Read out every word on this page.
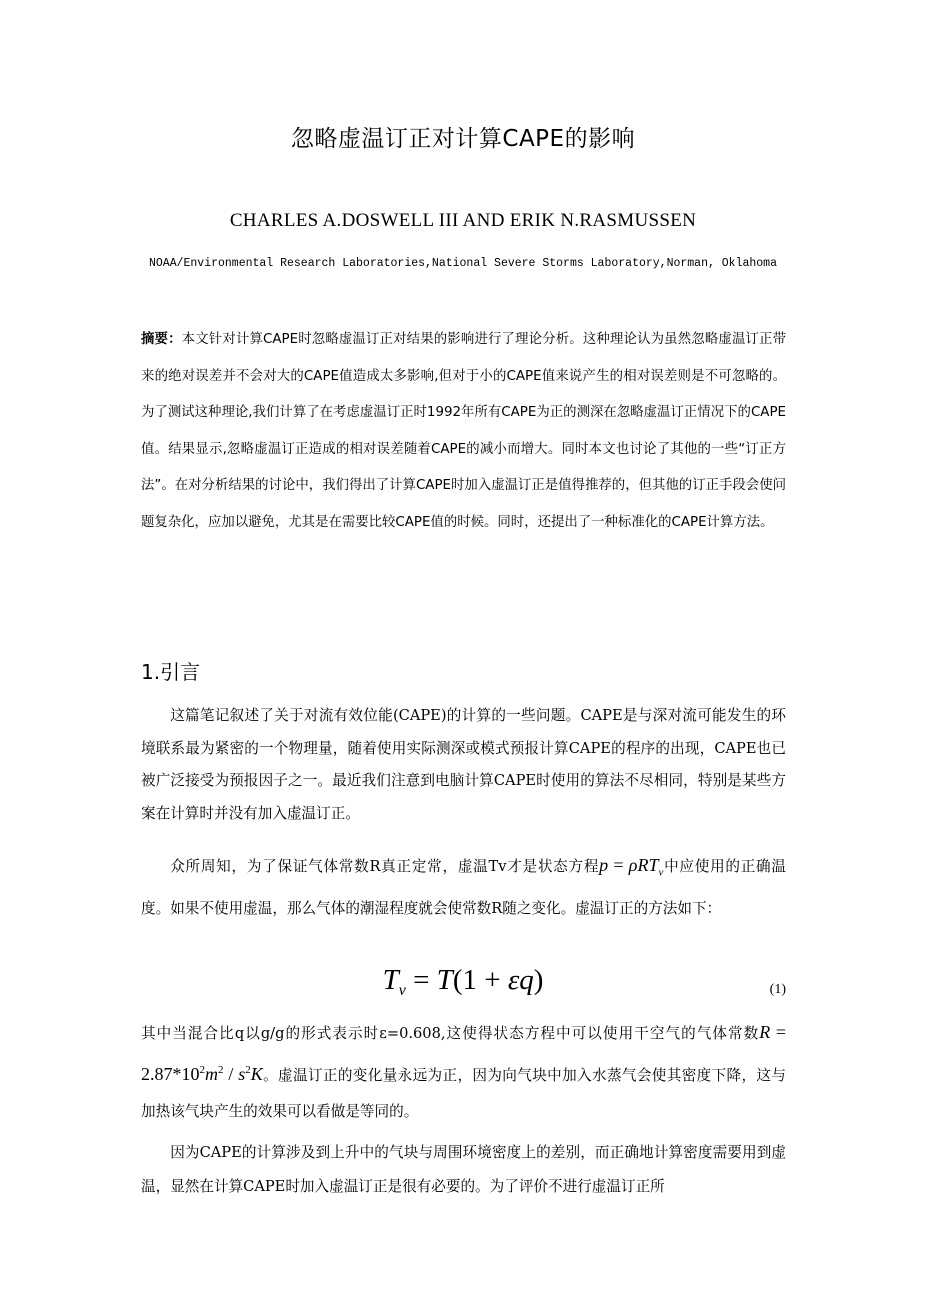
忽略虚温订正对计算CAPE的影响
CHARLES A.DOSWELL III AND ERIK N.RASMUSSEN
NOAA/Environmental Research Laboratories,National Severe Storms Laboratory,Norman, Oklahoma
摘要：本文针对计算CAPE时忽略虚温订正对结果的影响进行了理论分析。这种理论认为虽然忽略虚温订正带来的绝对误差并不会对大的CAPE值造成太多影响,但对于小的CAPE值来说产生的相对误差则是不可忽略的。为了测试这种理论,我们计算了在考虑虚温订正时1992年所有CAPE为正的测深在忽略虚温订正情况下的CAPE值。结果显示,忽略虚温订正造成的相对误差随着CAPE的减小而增大。同时本文也讨论了其他的一些“订正方法”。在对分析结果的讨论中，我们得出了计算CAPE时加入虚温订正是值得推荐的，但其他的订正手段会使问题复杂化，应加以避免，尤其是在需要比较CAPE值的时候。同时，还提出了一种标准化的CAPE计算方法。
1.引言
这篇笔记叙述了关于对流有效位能(CAPE)的计算的一些问题。CAPE是与深对流可能发生的环境联系最为紧密的一个物理量，随着使用实际测深或模式预报计算CAPE的程序的出现，CAPE也已被广泛接受为预报因子之一。最近我们注意到电脑计算CAPE时使用的算法不尽相同，特别是某些方案在计算时并没有加入虚温订正。
众所周知，为了保证气体常数R真正定常，虚温Tv才是状态方程p = ρRT$_v$中应使用的正确温度。如果不使用虚温，那么气体的潮湿程度就会使常数R随之变化。虚温订正的方法如下：
$T_v = T(1 + \varepsilon q)$	(1)
其中当混合比q以g/g的形式表示时ε=0.608,这使得状态方程中可以使用干空气的气体常数$R = 2.87*10^2m^2 / s^2K$。虚温订正的变化量永远为正，因为向气块中加入水蒸气会使其密度下降，这与加热该气块产生的效果可以看做是等同的。
因为CAPE的计算涉及到上升中的气块与周围环境密度上的差别，而正确地计算密度需要用到虚温，显然在计算CAPE时加入虚温订正是很有必要的。为了评价不进行虚温订正所
